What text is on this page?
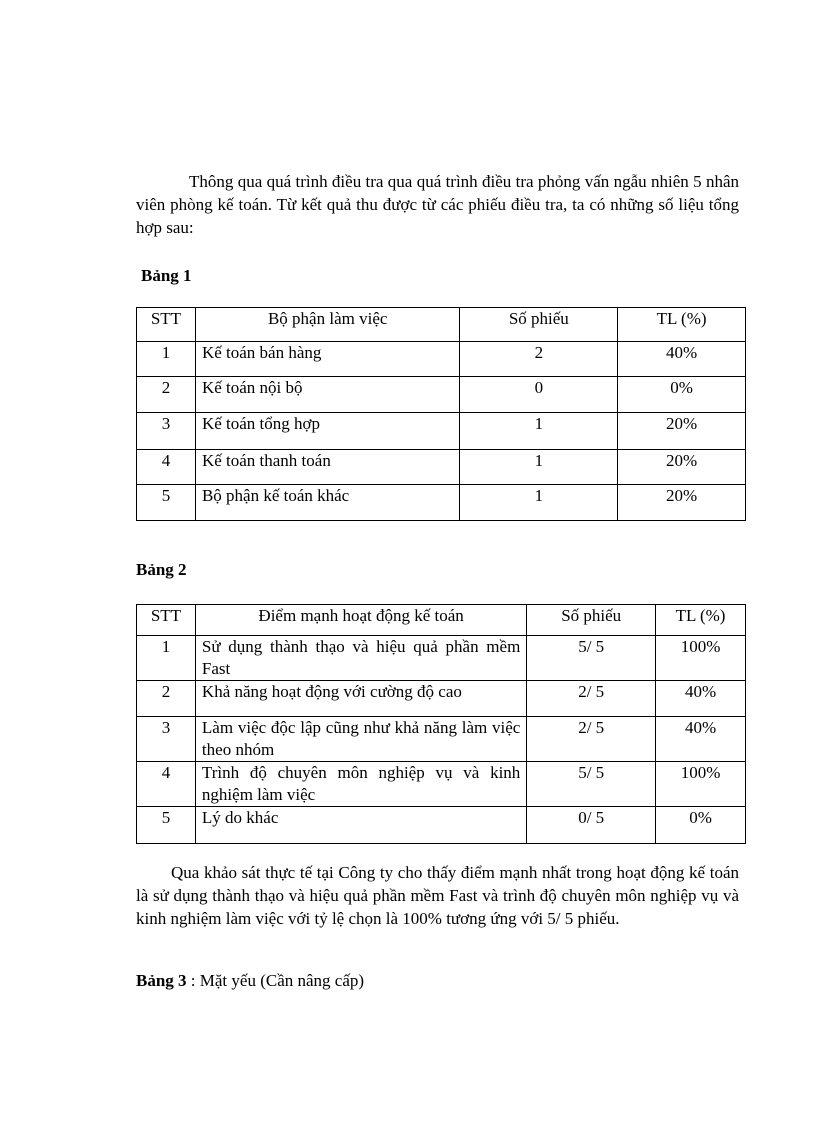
Thông qua quá trình điều tra qua quá trình điều tra phỏng vấn ngẫu nhiên 5 nhân viên phòng kế toán. Từ kết quả thu được từ các phiếu điều tra, ta có những số liệu tổng hợp sau:

Bảng 1
STT	Bộ phận làm việc	Số phiếu	TL (%)
1	Kế toán bán hàng	2	40%
2	Kế toán nội bộ	0	0%
3	Kế toán tổng hợp	1	20%
4	Kế toán thanh toán	1	20%
5	Bộ phận kế toán khác	1	20%
Bảng 2
STT	Điểm mạnh hoạt động kế toán	Số phiếu	TL (%)
1	Sử dụng thành thạo và hiệu quả phần mềm Fast	5/ 5	100%
2	Khả năng hoạt động với cường độ cao	2/ 5	40%
3	Làm việc độc lập cũng như khả năng làm việc theo nhóm	2/ 5	40%
4	Trình độ chuyên môn nghiệp vụ và kinh nghiệm làm việc	5/ 5	100%
5	Lý do khác	0/ 5	0%

Qua khảo sát thực tế tại Công ty cho thấy điểm mạnh nhất trong hoạt động kế toán là sử dụng thành thạo và hiệu quả phần mềm Fast và trình độ chuyên môn nghiệp vụ và kinh nghiệm làm việc với tỷ lệ chọn là 100% tương ứng với 5/ 5 phiếu.

Bảng 3 : Mặt yếu (Cần nâng cấp)
